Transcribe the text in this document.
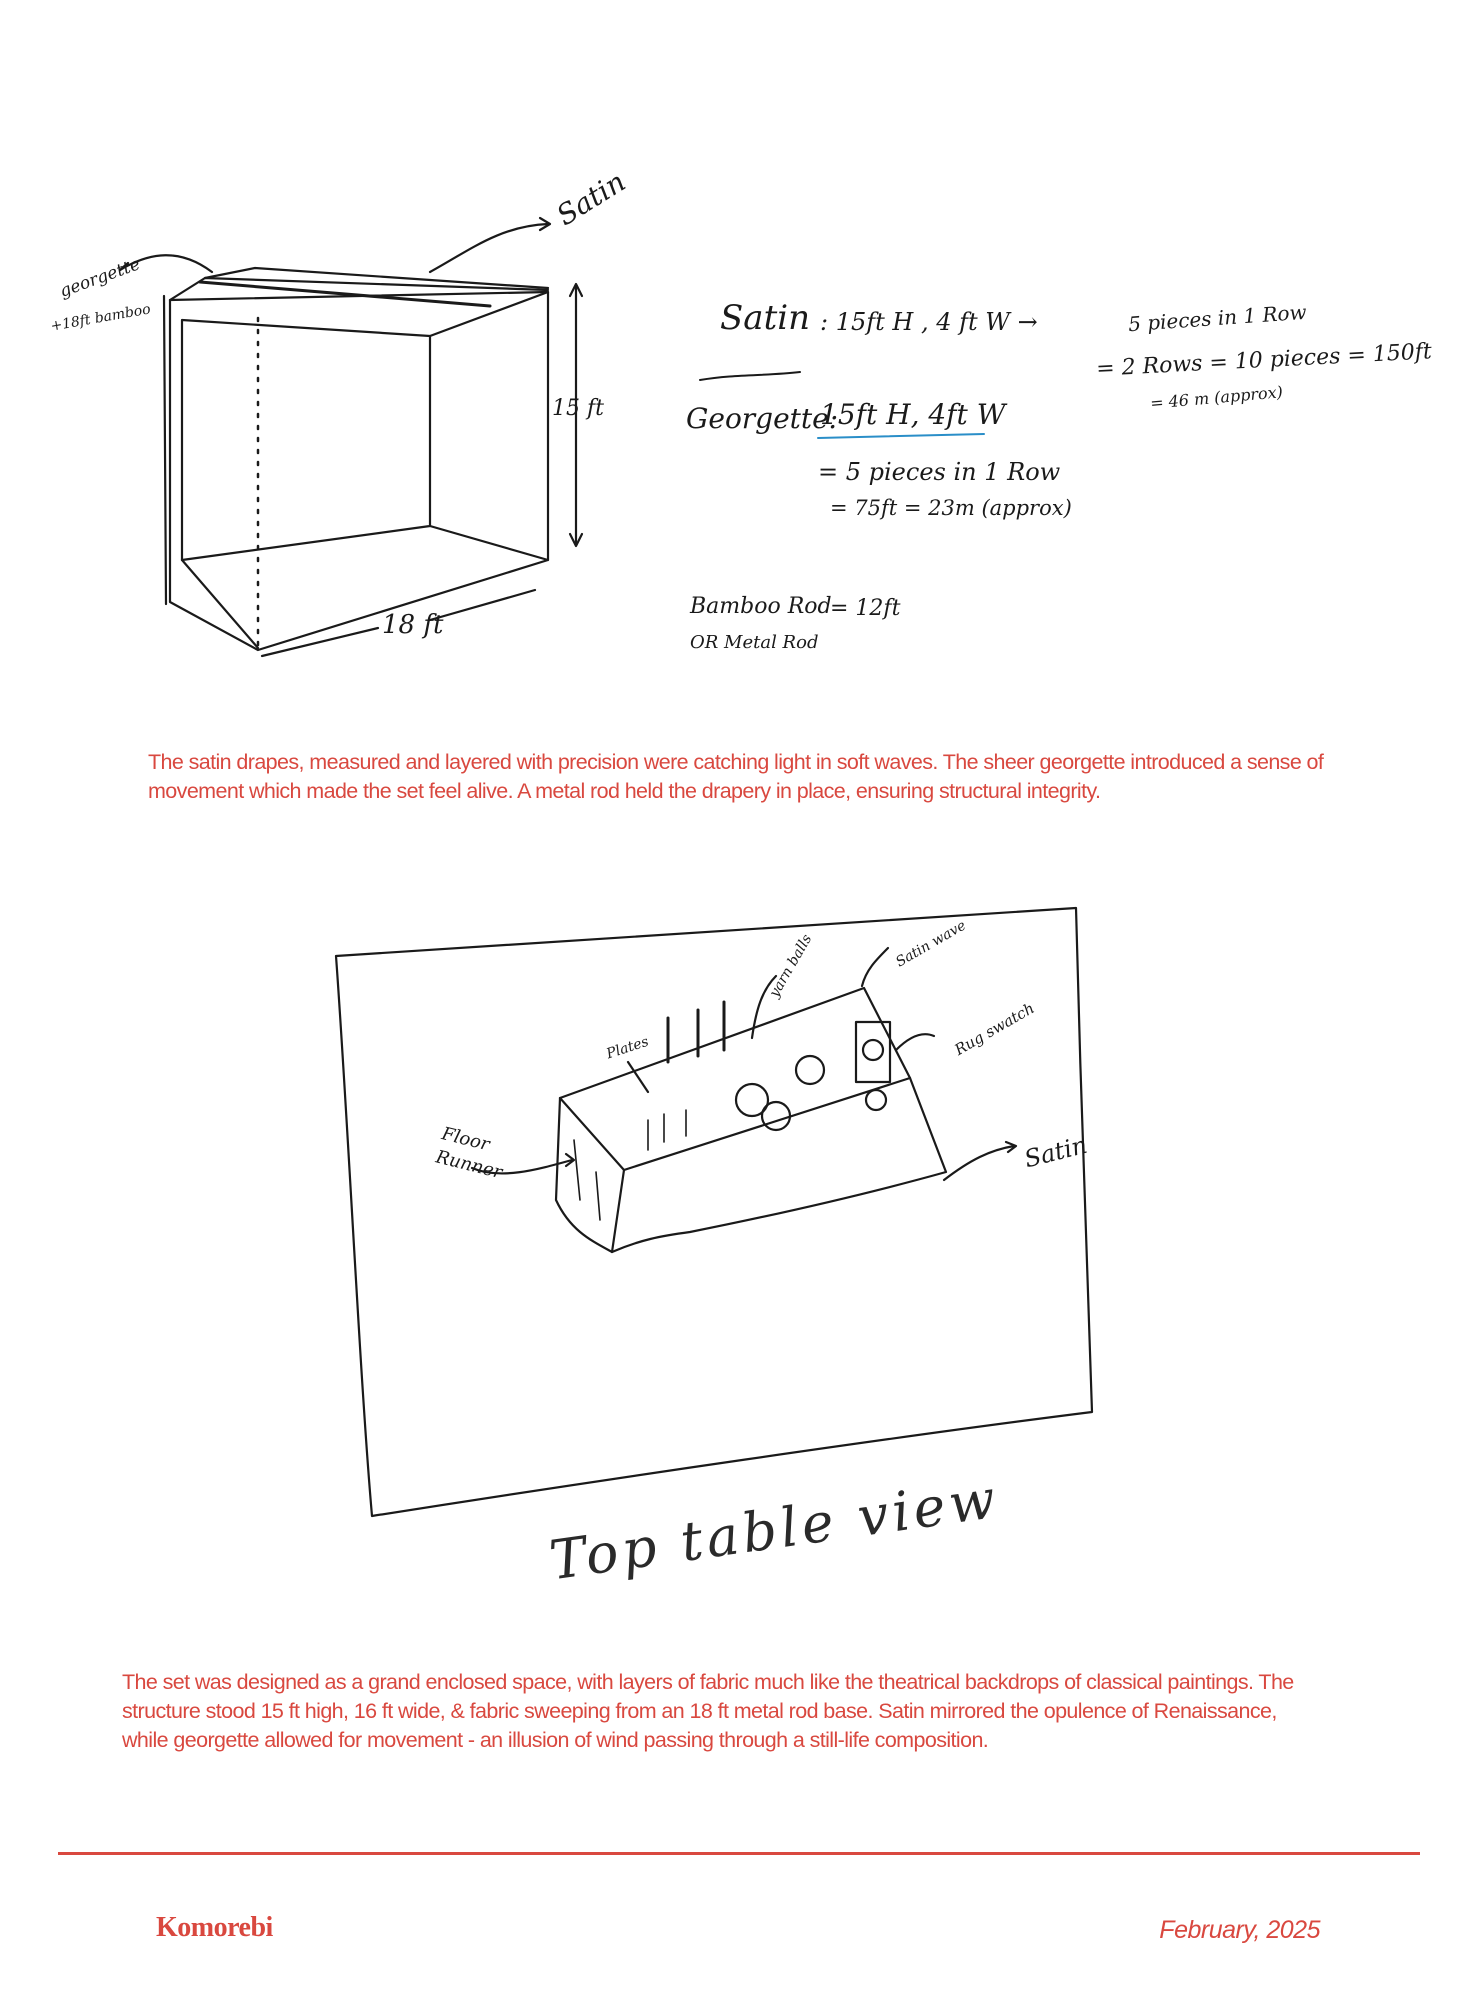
Satin
georgette
+18ft bamboo
15 ft
18 ft
Satin : 15ft H , 4 ft W →	5 pieces in 1 Row
= 2 Rows = 10 pieces = 150ft
= 46 m (approx)
Georgette:
15ft H, 4ft W
= 5 pieces in 1 Row
= 75ft = 23m (approx)
Bamboo Rod
= 12ft
OR Metal Rod
The satin drapes, measured and layered with precision were catching light in soft waves. The sheer georgette introduced a sense of movement which made the set feel alive. A metal rod held the drapery in place, ensuring structural integrity.
Plates
yarn balls	Satin wave
Rug swatch
Floor Runner	Satin
Top table view
The set was designed as a grand enclosed space, with layers of fabric much like the theatrical backdrops of classical paintings. The structure stood 15 ft high, 16 ft wide, & fabric sweeping from an 18 ft metal rod base. Satin mirrored the opulence of Renaissance, while georgette allowed for movement - an illusion of wind passing through a still-life composition.
Komorebi	February, 2025
